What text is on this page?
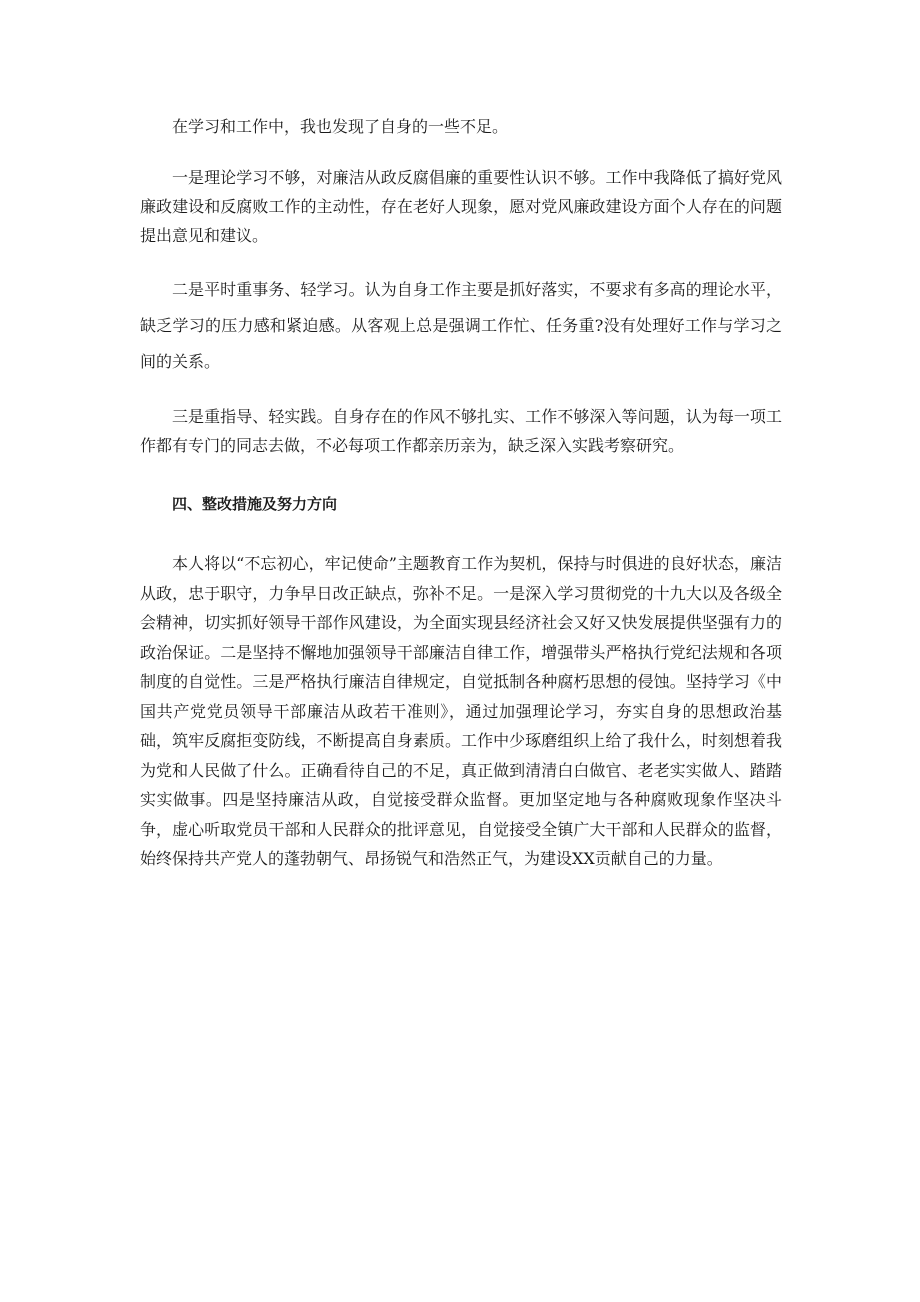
在学习和工作中，我也发现了自身的一些不足。

一是理论学习不够，对廉洁从政反腐倡廉的重要性认识不够。工作中我降低了搞好党风廉政建设和反腐败工作的主动性，存在老好人现象，愿对党风廉政建设方面个人存在的问题提出意见和建议。

二是平时重事务、轻学习。认为自身工作主要是抓好落实，不要求有多高的理论水平，缺乏学习的压力感和紧迫感。从客观上总是强调工作忙、任务重?没有处理好工作与学习之间的关系。

三是重指导、轻实践。自身存在的作风不够扎实、工作不够深入等问题，认为每一项工作都有专门的同志去做，不必每项工作都亲历亲为，缺乏深入实践考察研究。

四、整改措施及努力方向

本人将以“不忘初心，牢记使命”主题教育工作为契机，保持与时俱进的良好状态，廉洁从政，忠于职守，力争早日改正缺点，弥补不足。一是深入学习贯彻党的十九大以及各级全会精神，切实抓好领导干部作风建设，为全面实现县经济社会又好又快发展提供坚强有力的政治保证。二是坚持不懈地加强领导干部廉洁自律工作，增强带头严格执行党纪法规和各项制度的自觉性。三是严格执行廉洁自律规定，自觉抵制各种腐朽思想的侵蚀。坚持学习《中国共产党党员领导干部廉洁从政若干准则》，通过加强理论学习，夯实自身的思想政治基础，筑牢反腐拒变防线，不断提高自身素质。工作中少琢磨组织上给了我什么，时刻想着我为党和人民做了什么。正确看待自己的不足，真正做到清清白白做官、老老实实做人、踏踏实实做事。四是坚持廉洁从政，自觉接受群众监督。更加坚定地与各种腐败现象作坚决斗争，虚心听取党员干部和人民群众的批评意见，自觉接受全镇广大干部和人民群众的监督，始终保持共产党人的蓬勃朝气、昂扬锐气和浩然正气，为建设XX贡献自己的力量。
